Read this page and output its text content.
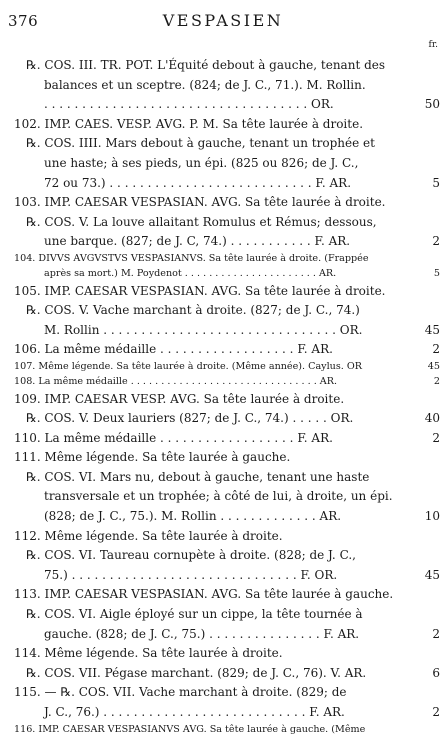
376	VESPASIEN
fr.
℞. COS. III. TR. POT. L'Équité debout à gauche, tenant des
balances et un sceptre. (824; de J. C., 71.). M. Rollin.
. . . . . . . . . . . . . . . . . . . . . . . . . . . . . . . . . . . OR.	50
102. IMP. CAES. VESP. AVG. P. M. Sa tête laurée à droite.
℞. COS. IIII. Mars debout à gauche, tenant un trophée et
une haste; à ses pieds, un épi. (825 ou 826; de J. C.,
72 ou 73.) . . . . . . . . . . . . . . . . . . . . . . . . . . . F. AR.	5
103. IMP. CAESAR VESPASIAN. AVG. Sa tête laurée à droite.
℞. COS. V. La louve allaitant Romulus et Rémus; dessous,
une barque. (827; de J. C, 74.) . . . . . . . . . . . F. AR.	2
104. DIVVS AVGVSTVS VESPASIANVS. Sa tête laurée à droite. (Frappée
après sa mort.) M. Poydenot . . . . . . . . . . . . . . . . . . . . . . AR.	5
105. IMP. CAESAR VESPASIAN. AVG. Sa tête laurée à droite.
℞. COS. V. Vache marchant à droite. (827; de J. C., 74.)
M. Rollin . . . . . . . . . . . . . . . . . . . . . . . . . . . . . . . OR.	45
106. La même médaille . . . . . . . . . . . . . . . . . . F. AR.	2
107. Même légende. Sa tête laurée à droite. (Même année). Caylus. OR	45
108. La même médaille . . . . . . . . . . . . . . . . . . . . . . . . . . . . . . . AR.	2
109. IMP. CAESAR VESP. AVG. Sa tête laurée à droite.
℞. COS. V. Deux lauriers (827; de J. C., 74.) . . . . . OR.	40
110. La même médaille . . . . . . . . . . . . . . . . . . F. AR.	2
111. Même légende. Sa tête laurée à gauche.
℞. COS. VI. Mars nu, debout à gauche, tenant une haste
transversale et un trophée; à côté de lui, à droite, un épi.
(828; de J. C., 75.). M. Rollin . . . . . . . . . . . . . AR.	10
112. Même légende. Sa tête laurée à droite.
℞. COS. VI. Taureau cornupète à droite. (828; de J. C.,
75.) . . . . . . . . . . . . . . . . . . . . . . . . . . . . . . F. OR.	45
113. IMP. CAESAR VESPASIAN. AVG. Sa tête laurée à gauche.
℞. COS. VI. Aigle éployé sur un cippe, la tête tournée à
gauche. (828; de J. C., 75.) . . . . . . . . . . . . . . . F. AR.	2
114. Même légende. Sa tête laurée à droite.
℞. COS. VII. Pégase marchant. (829; de J. C., 76). V. AR.	6
115. — ℞. COS. VII. Vache marchant à droite. (829; de
J. C., 76.) . . . . . . . . . . . . . . . . . . . . . . . . . . . F. AR.	2
116. IMP. CAESAR VESPASIANVS AVG. Sa tête laurée à gauche. (Même
